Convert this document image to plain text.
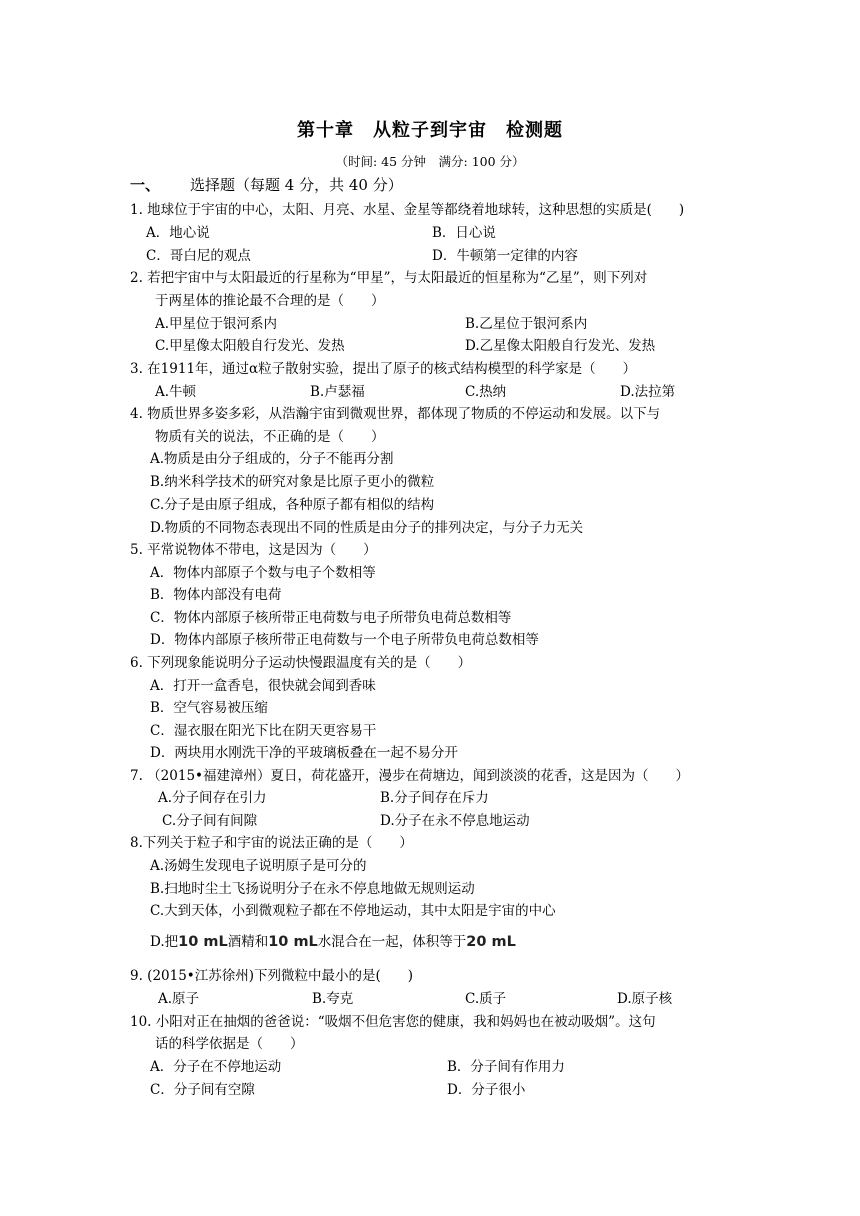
第十章　从粒子到宇宙　检测题
（时间: 45 分钟　满分: 100 分）
一、 选择题（每题 4 分，共 40 分）
1. 地球位于宇宙的中心，太阳、月亮、水星、金星等都绕着地球转，这种思想的实质是(　　)
A．地心说	B．日心说
C．哥白尼的观点	D．牛顿第一定律的内容
2. 若把宇宙中与太阳最近的行星称为“甲星”，与太阳最近的恒星称为“乙星”，则下列对
于两星体的推论最不合理的是（　　）
A.甲星位于银河系内	B.乙星位于银河系内
C.甲星像太阳般自行发光、发热	D.乙星像太阳般自行发光、发热
3. 在1911年，通过α粒子散射实验，提出了原子的核式结构模型的科学家是（　　）
A.牛顿	B.卢瑟福	C.热纳	D.法拉第
4. 物质世界多姿多彩，从浩瀚宇宙到微观世界，都体现了物质的不停运动和发展。以下与
物质有关的说法，不正确的是（　　）
A.物质是由分子组成的，分子不能再分割
B.纳米科学技术的研究对象是比原子更小的微粒
C.分子是由原子组成，各种原子都有相似的结构
D.物质的不同物态表现出不同的性质是由分子的排列决定，与分子力无关
5. 平常说物体不带电，这是因为（　　）
A．物体内部原子个数与电子个数相等
B．物体内部没有电荷
C．物体内部原子核所带正电荷数与电子所带负电荷总数相等
D．物体内部原子核所带正电荷数与一个电子所带负电荷总数相等
6. 下列现象能说明分子运动快慢跟温度有关的是（　　）
A．打开一盒香皂，很快就会闻到香味
B．空气容易被压缩
C．湿衣服在阳光下比在阴天更容易干
D．两块用水刚洗干净的平玻璃板叠在一起不易分开
7. （2015•福建漳州）夏日，荷花盛开，漫步在荷塘边，闻到淡淡的花香，这是因为（　　）
A.分子间存在引力	B.分子间存在斥力
C.分子间有间隙	D.分子在永不停息地运动
8.下列关于粒子和宇宙的说法正确的是（　　）
A.汤姆生发现电子说明原子是可分的
B.扫地时尘土飞扬说明分子在永不停息地做无规则运动
C.大到天体，小到微观粒子都在不停地运动，其中太阳是宇宙的中心
D.把10 mL酒精和10 mL水混合在一起，体积等于20 mL
9. (2015•江苏徐州)下列微粒中最小的是(　　)
A.原子	B.夸克	C.质子	D.原子核
10. 小阳对正在抽烟的爸爸说：“吸烟不但危害您的健康，我和妈妈也在被动吸烟”。这句
话的科学依据是（　　）
A．分子在不停地运动	B．分子间有作用力
C．分子间有空隙	D．分子很小
